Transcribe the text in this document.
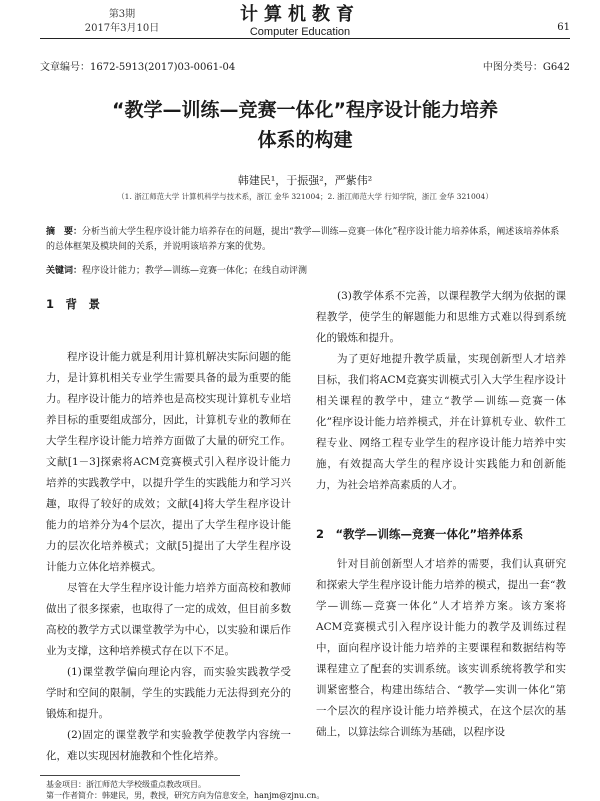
第3期
2017年3月10日
计算机教育
Computer Education	61
文章编号：1672-5913(2017)03-0061-04	中图分类号：G642
“教学—训练—竞赛一体化”程序设计能力培养
体系的构建
韩建民¹，于振强²，严紫伟²
（1. 浙江师范大学 计算机科学与技术系，浙江 金华 321004；2. 浙江师范大学 行知学院，浙江 金华 321004）
摘　要：分析当前大学生程序设计能力培养存在的问题，提出“教学—训练—竞赛一体化”程序设计能力培养体系，阐述该培养体系的总体框架及模块间的关系，并说明该培养方案的优势。
关键词：程序设计能力；教学—训练—竞赛一体化；在线自动评测
1　背　景

程序设计能力就是利用计算机解决实际问题的能力，是计算机相关专业学生需要具备的最为重要的能力。程序设计能力的培养也是高校实现计算机专业培养目标的重要组成部分，因此，计算机专业的教师在大学生程序设计能力培养方面做了大量的研究工作。文献[1－3]探索将ACM竞赛模式引入程序设计能力培养的实践教学中，以提升学生的实践能力和学习兴趣，取得了较好的成效；文献[4]将大学生程序设计能力的培养分为4个层次，提出了大学生程序设计能力的层次化培养模式；文献[5]提出了大学生程序设计能力立体化培养模式。

尽管在大学生程序设计能力培养方面高校和教师做出了很多探索，也取得了一定的成效，但目前多数高校的教学方式以课堂教学为中心，以实验和课后作业为支撑，这种培养模式存在以下不足。

(1)课堂教学偏向理论内容，而实验实践教学受学时和空间的限制，学生的实践能力无法得到充分的锻炼和提升。

(2)固定的课堂教学和实验教学使教学内容统一化，难以实现因材施教和个性化培养。

(3)教学体系不完善，以课程教学大纲为依据的课程教学，使学生的解题能力和思维方式难以得到系统化的锻炼和提升。

为了更好地提升教学质量，实现创新型人才培养目标，我们将ACM竞赛实训模式引入大学生程序设计相关课程的教学中，建立“教学—训练—竞赛一体化”程序设计能力培养模式，并在计算机专业、软件工程专业、网络工程专业学生的程序设计能力培养中实施，有效提高大学生的程序设计实践能力和创新能力，为社会培养高素质的人才。

2　“教学—训练—竞赛一体化”培养体系

针对目前创新型人才培养的需要，我们认真研究和探索大学生程序设计能力培养的模式，提出一套“教学—训练—竞赛一体化”人才培养方案。该方案将ACM竞赛模式引入程序设计能力的教学及训练过程中，面向程序设计能力培养的主要课程和数据结构等课程建立了配套的实训系统。该实训系统将教学和实训紧密整合，构建出练结合、“教学—实训一体化”第一个层次的程序设计能力培养模式，在这个层次的基础上，以算法综合训练为基础，以程序设

基金项目：浙江师范大学校级重点教改项目。
第一作者简介：韩建民，男，教授，研究方向为信息安全，hanjm@zjnu.cn。
